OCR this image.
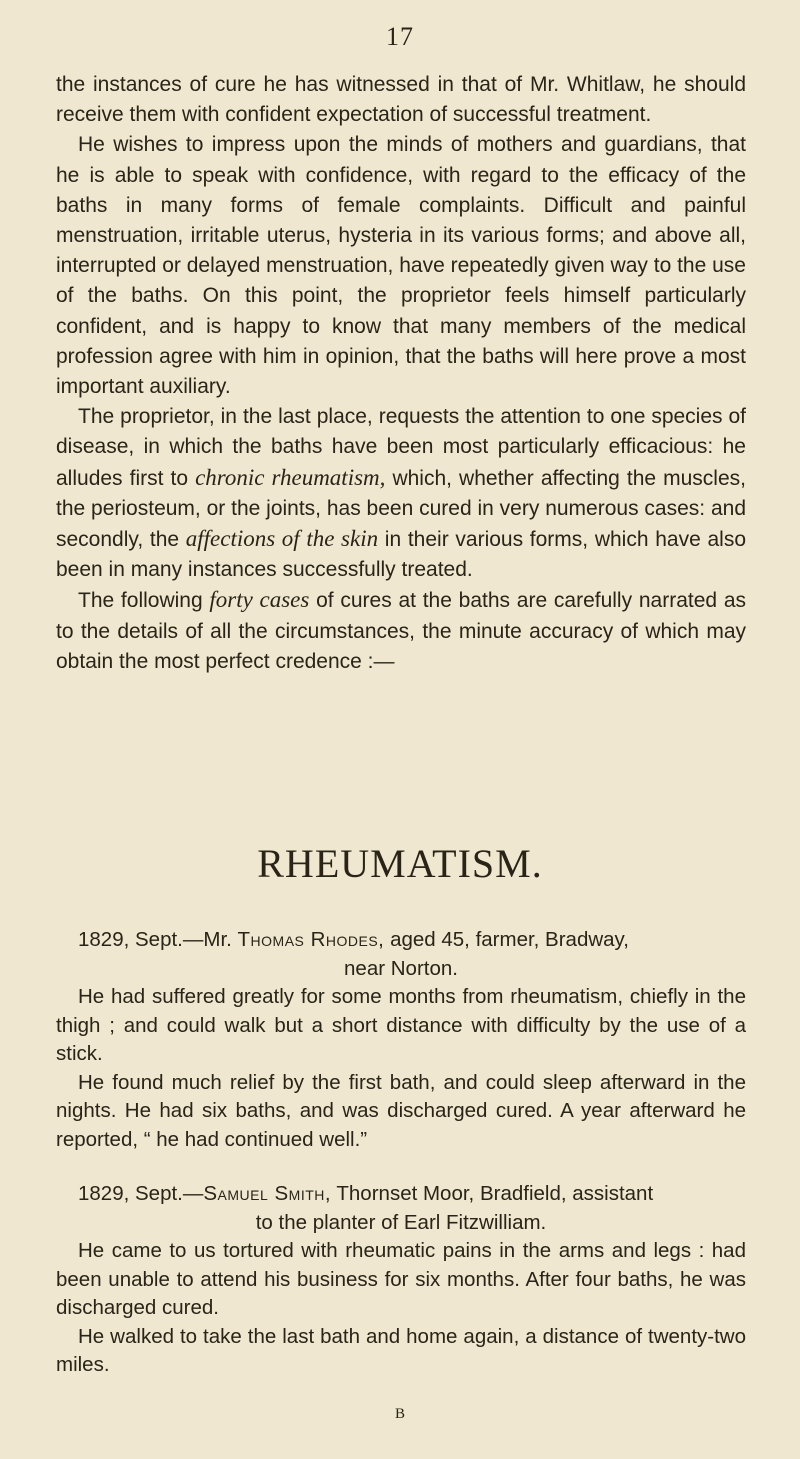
17

the instances of cure he has witnessed in that of Mr. Whitlaw, he should receive them with confident expectation of successful treatment.

He wishes to impress upon the minds of mothers and guardians, that he is able to speak with confidence, with regard to the efficacy of the baths in many forms of female complaints. Difficult and painful menstruation, irritable uterus, hysteria in its various forms; and above all, interrupted or delayed menstruation, have repeatedly given way to the use of the baths. On this point, the proprietor feels himself particularly confident, and is happy to know that many members of the medical profession agree with him in opinion, that the baths will here prove a most important auxiliary.

The proprietor, in the last place, requests the attention to one species of disease, in which the baths have been most particularly efficacious: he alludes first to chronic rheumatism, which, whether affecting the muscles, the periosteum, or the joints, has been cured in very numerous cases: and secondly, the affections of the skin in their various forms, which have also been in many instances successfully treated.

The following forty cases of cures at the baths are carefully narrated as to the details of all the circumstances, the minute accuracy of which may obtain the most perfect credence :—

RHEUMATISM.

1829, Sept.—Mr. Thomas Rhodes, aged 45, farmer, Bradway,

near Norton.

He had suffered greatly for some months from rheumatism, chiefly in the thigh ; and could walk but a short distance with difficulty by the use of a stick.

He found much relief by the first bath, and could sleep afterward in the nights. He had six baths, and was discharged cured. A year afterward he reported, “ he had continued well.”

1829, Sept.—Samuel Smith, Thornset Moor, Bradfield, assistant

to the planter of Earl Fitzwilliam.

He came to us tortured with rheumatic pains in the arms and legs : had been unable to attend his business for six months. After four baths, he was discharged cured.

He walked to take the last bath and home again, a distance of twenty-two miles.

B
